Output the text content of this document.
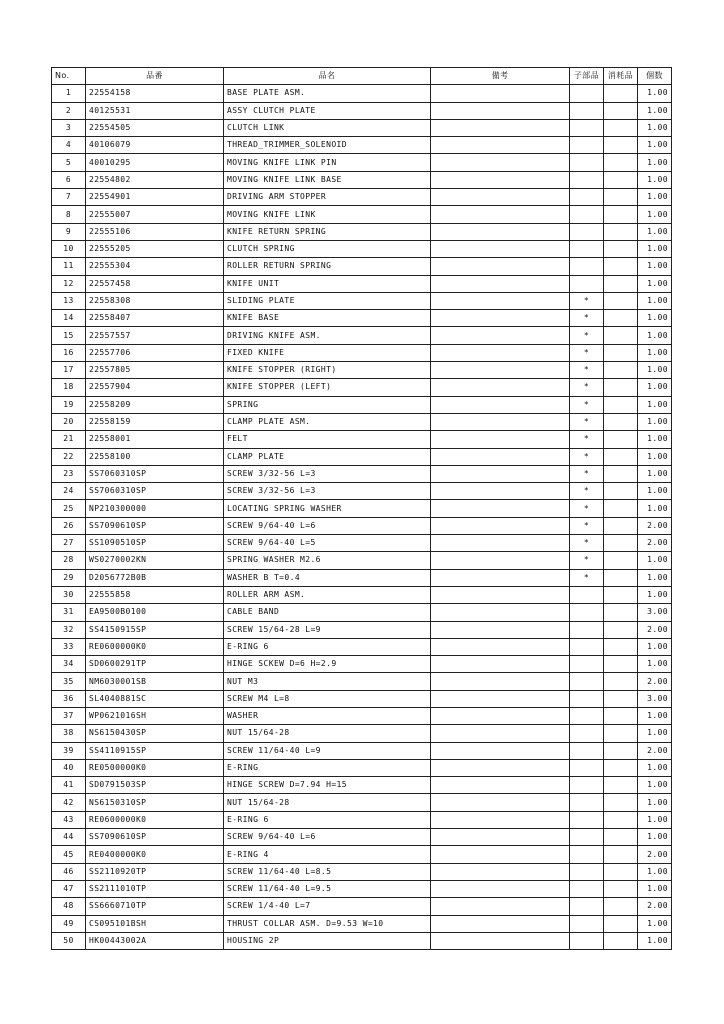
No.	品番	品名	備考	子部品	消耗品	個数
1	22554158	BASE PLATE ASM.				1.00
2	40125531	ASSY CLUTCH PLATE				1.00
3	22554505	CLUTCH LINK				1.00
4	40106079	THREAD_TRIMMER_SOLENOID				1.00
5	40010295	MOVING KNIFE LINK PIN				1.00
6	22554802	MOVING KNIFE LINK BASE				1.00
7	22554901	DRIVING ARM STOPPER				1.00
8	22555007	MOVING KNIFE LINK				1.00
9	22555106	KNIFE RETURN SPRING				1.00
10	22555205	CLUTCH SPRING				1.00
11	22555304	ROLLER RETURN SPRING				1.00
12	22557458	KNIFE UNIT				1.00
13	22558308	SLIDING PLATE		*		1.00
14	22558407	KNIFE BASE		*		1.00
15	22557557	DRIVING KNIFE ASM.		*		1.00
16	22557706	FIXED KNIFE		*		1.00
17	22557805	KNIFE STOPPER (RIGHT)		*		1.00
18	22557904	KNIFE STOPPER (LEFT)		*		1.00
19	22558209	SPRING		*		1.00
20	22558159	CLAMP PLATE ASM.		*		1.00
21	22558001	FELT		*		1.00
22	22558100	CLAMP PLATE		*		1.00
23	SS7060310SP	SCREW 3/32-56 L=3		*		1.00
24	SS7060310SP	SCREW 3/32-56 L=3		*		1.00
25	NP210300000	LOCATING SPRING WASHER		*		1.00
26	SS7090610SP	SCREW 9/64-40 L=6		*		2.00
27	SS1090510SP	SCREW 9/64-40 L=5		*		2.00
28	WS0270002KN	SPRING WASHER M2.6		*		1.00
29	D2056772B0B	WASHER B T=0.4		*		1.00
30	22555858	ROLLER ARM ASM.				1.00
31	EA9500B0100	CABLE BAND				3.00
32	SS4150915SP	SCREW 15/64-28 L=9				2.00
33	RE0600000K0	E-RING 6				1.00
34	SD0600291TP	HINGE SCKEW D=6 H=2.9				1.00
35	NM6030001SB	NUT M3				2.00
36	SL4040881SC	SCREW M4 L=8				3.00
37	WP0621016SH	WASHER				1.00
38	NS6150430SP	NUT 15/64-28				1.00
39	SS4110915SP	SCREW 11/64-40 L=9				2.00
40	RE0500000K0	E-RING				1.00
41	SD0791503SP	HINGE SCREW D=7.94 H=15				1.00
42	NS6150310SP	NUT 15/64-28				1.00
43	RE0600000K0	E-RING 6				1.00
44	SS7090610SP	SCREW 9/64-40 L=6				1.00
45	RE0400000K0	E-RING 4				2.00
46	SS2110920TP	SCREW 11/64-40 L=8.5				1.00
47	SS2111010TP	SCREW 11/64-40 L=9.5				1.00
48	SS6660710TP	SCREW 1/4-40 L=7				2.00
49	CS095101BSH	THRUST COLLAR ASM. D=9.53 W=10				1.00
50	HK00443002A	HOUSING 2P				1.00
